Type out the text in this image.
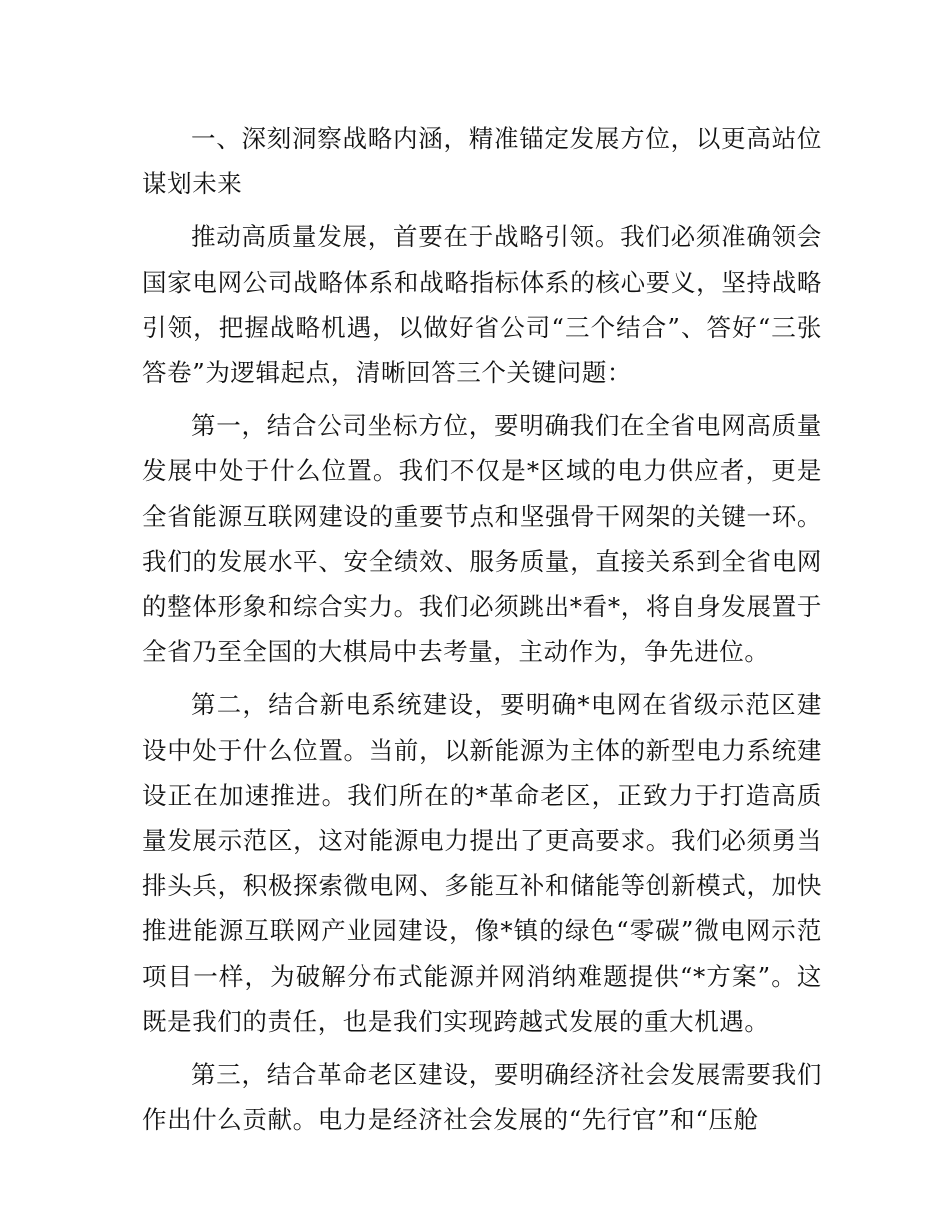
一、深刻洞察战略内涵，精准锚定发展方位，以更高站位谋划未来

推动高质量发展，首要在于战略引领。我们必须准确领会国家电网公司战略体系和战略指标体系的核心要义，坚持战略引领，把握战略机遇，以做好省公司“三个结合”、答好“三张答卷”为逻辑起点，清晰回答三个关键问题：

第一，结合公司坐标方位，要明确我们在全省电网高质量发展中处于什么位置。我们不仅是*区域的电力供应者，更是全省能源互联网建设的重要节点和坚强骨干网架的关键一环。我们的发展水平、安全绩效、服务质量，直接关系到全省电网的整体形象和综合实力。我们必须跳出*看*，将自身发展置于全省乃至全国的大棋局中去考量，主动作为，争先进位。

第二，结合新电系统建设，要明确*电网在省级示范区建设中处于什么位置。当前，以新能源为主体的新型电力系统建设正在加速推进。我们所在的*革命老区，正致力于打造高质量发展示范区，这对能源电力提出了更高要求。我们必须勇当排头兵，积极探索微电网、多能互补和储能等创新模式，加快推进能源互联网产业园建设，像*镇的绿色“零碳”微电网示范项目一样，为破解分布式能源并网消纳难题提供“*方案”。这既是我们的责任，也是我们实现跨越式发展的重大机遇。

第三，结合革命老区建设，要明确经济社会发展需要我们作出什么贡献。电力是经济社会发展的“先行官”和“压舱
